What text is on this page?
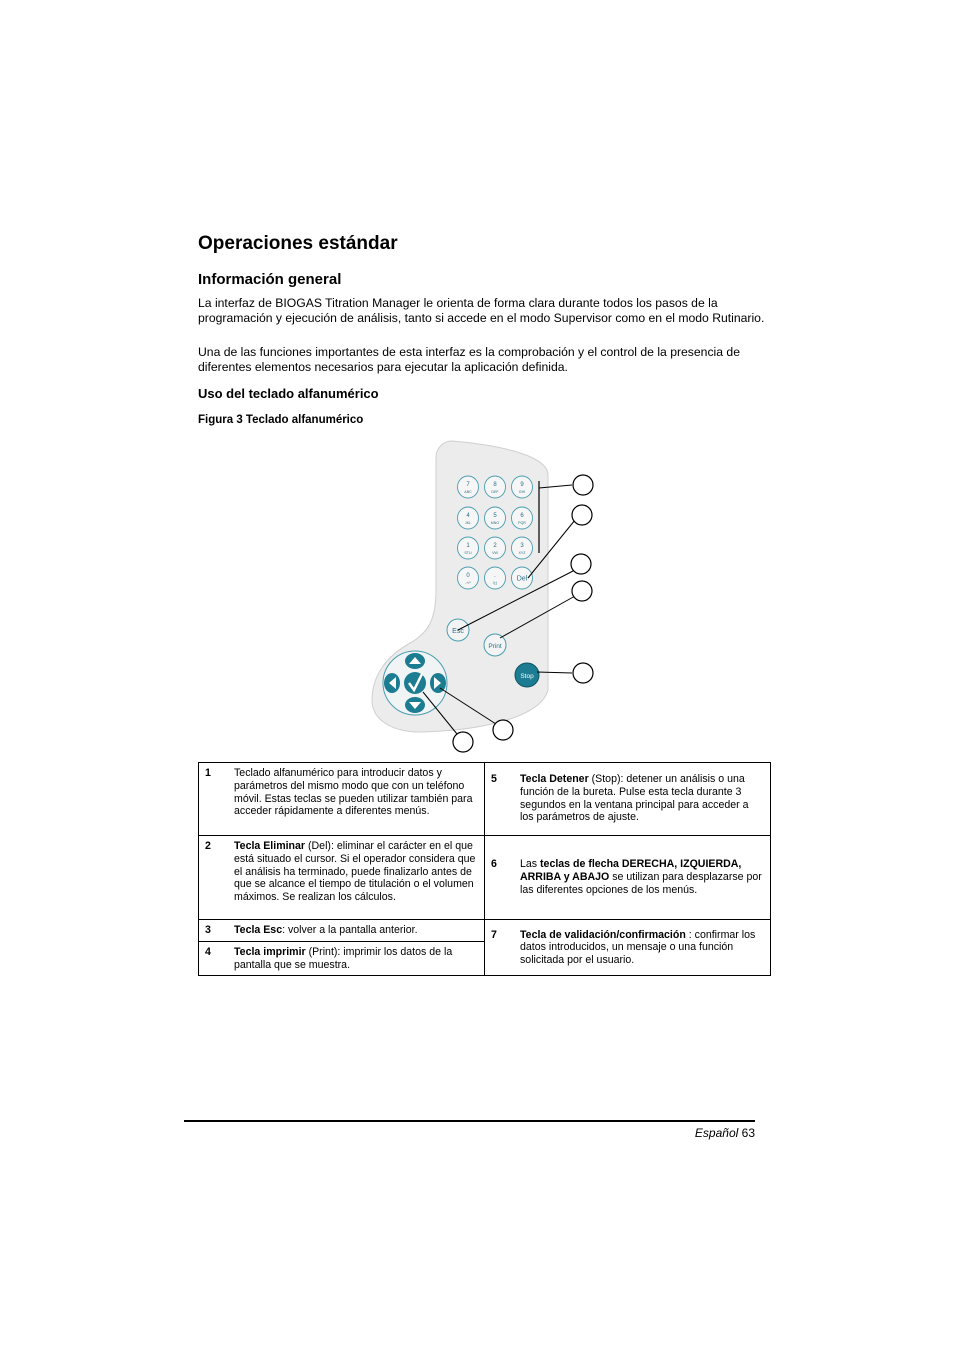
Operaciones estándar
Información general

La interfaz de BIOGAS Titration Manager le orienta de forma clara durante todos los pasos de la programación y ejecución de análisis, tanto si accede en el modo Supervisor como en el modo Rutinario.

Una de las funciones importantes de esta interfaz es la comprobación y el control de la presencia de diferentes elementos necesarios para ejecutar la aplicación definida.

Uso del teclado alfanumérico

Figura 3 Teclado alfanumérico

7
ABC
8
DEF
9
GHI
4
JKL
5
MNO
6
PQR
1
STU
2
VW
3
XYZ
0
-+/*
.
/(;)
Del
Esc
Print
Stop
1 Teclado alfanumérico para introducir datos y parámetros del mismo modo que con un teléfono móvil. Estas teclas se pueden utilizar también para acceder rápidamente a diferentes menús.	5 Tecla Detener (Stop): detener un análisis o una función de la bureta. Pulse esta tecla durante 3 segundos en la ventana principal para acceder a los parámetros de ajuste.

2 Tecla Eliminar (Del): eliminar el carácter en el que está situado el cursor. Si el operador considera que el análisis ha terminado, puede finalizarlo antes de que se alcance el tiempo de titulación o el volumen máximos. Se realizan los cálculos.	6 Las teclas de flecha DERECHA, IZQUIERDA, ARRIBA y ABAJO se utilizan para desplazarse por las diferentes opciones de los menús.

3 Tecla Esc: volver a la pantalla anterior.	7 Tecla de validación/confirmación : confirmar los datos introducidos, un mensaje o una función solicitada por el usuario.

4 Tecla imprimir (Print): imprimir los datos de la pantalla que se muestra.	
Español 63
